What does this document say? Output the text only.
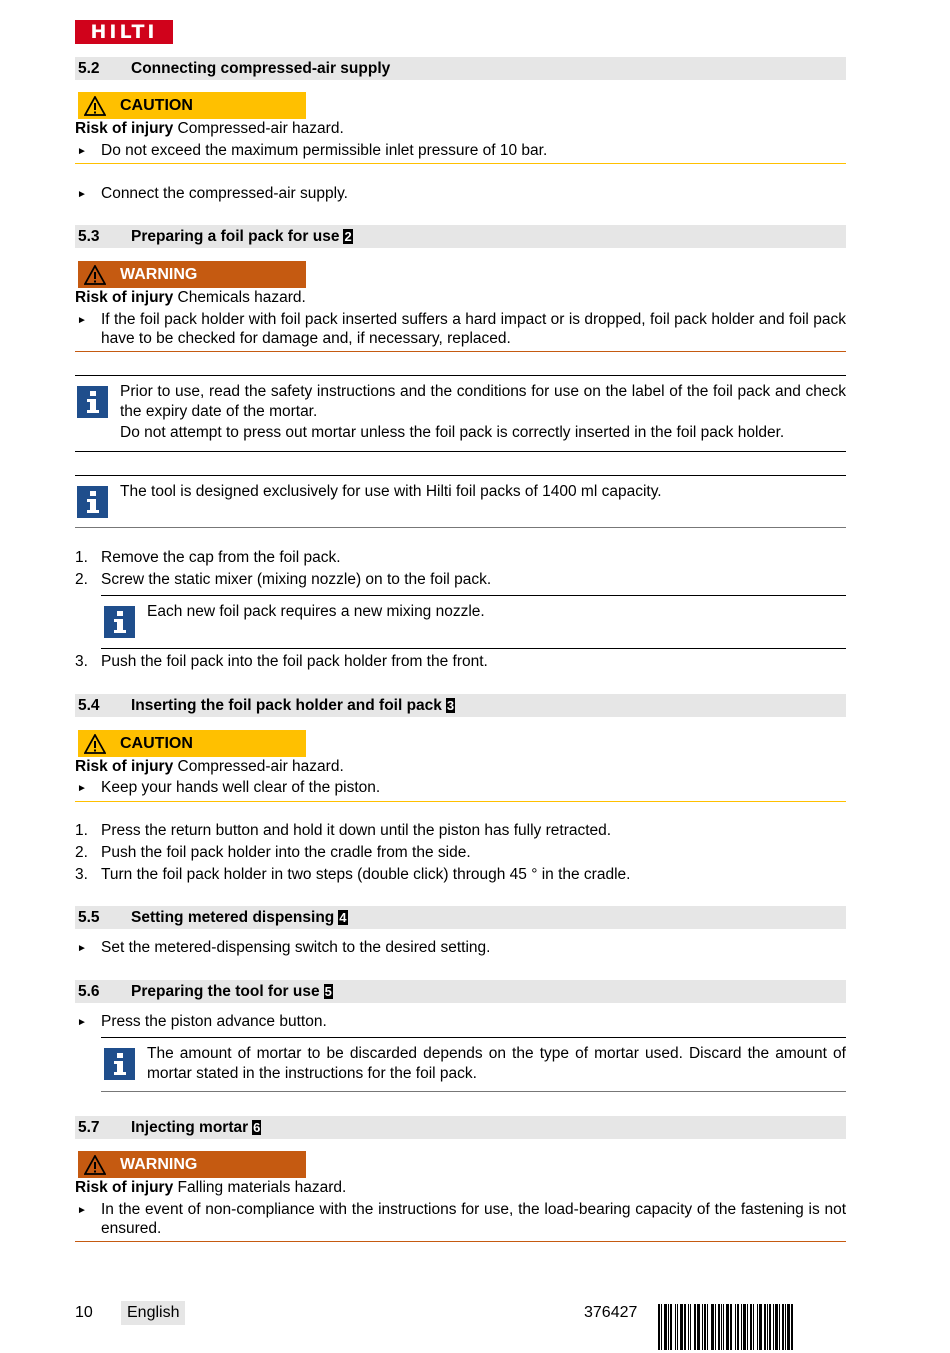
HILTI
5.2	Connecting compressed-air supply
CAUTION
Risk of injury Compressed-air hazard.
► Do not exceed the maximum permissible inlet pressure of 10 bar.
► Connect the compressed-air supply.
5.3	Preparing a foil pack for use 2
WARNING
Risk of injury Chemicals hazard.
► If the foil pack holder with foil pack inserted suffers a hard impact or is dropped, foil pack holder and foil pack have to be checked for damage and, if necessary, replaced.
Prior to use, read the safety instructions and the conditions for use on the label of the foil pack and check the expiry date of the mortar.
Do not attempt to press out mortar unless the foil pack is correctly inserted in the foil pack holder.
The tool is designed exclusively for use with Hilti foil packs of 1400 ml capacity.
1. Remove the cap from the foil pack.
2. Screw the static mixer (mixing nozzle) on to the foil pack.
Each new foil pack requires a new mixing nozzle.
3. Push the foil pack into the foil pack holder from the front.
5.4	Inserting the foil pack holder and foil pack 3
CAUTION
Risk of injury Compressed-air hazard.
► Keep your hands well clear of the piston.
1. Press the return button and hold it down until the piston has fully retracted.
2. Push the foil pack holder into the cradle from the side.
3. Turn the foil pack holder in two steps (double click) through 45 ° in the cradle.
5.5	Setting metered dispensing 4
► Set the metered-dispensing switch to the desired setting.
5.6	Preparing the tool for use 5
► Press the piston advance button.
The amount of mortar to be discarded depends on the type of mortar used. Discard the amount of mortar stated in the instructions for the foil pack.
5.7	Injecting mortar 6
WARNING
Risk of injury Falling materials hazard.
► In the event of non-compliance with the instructions for use, the load-bearing capacity of the fastening is not ensured.
10	English	376427
